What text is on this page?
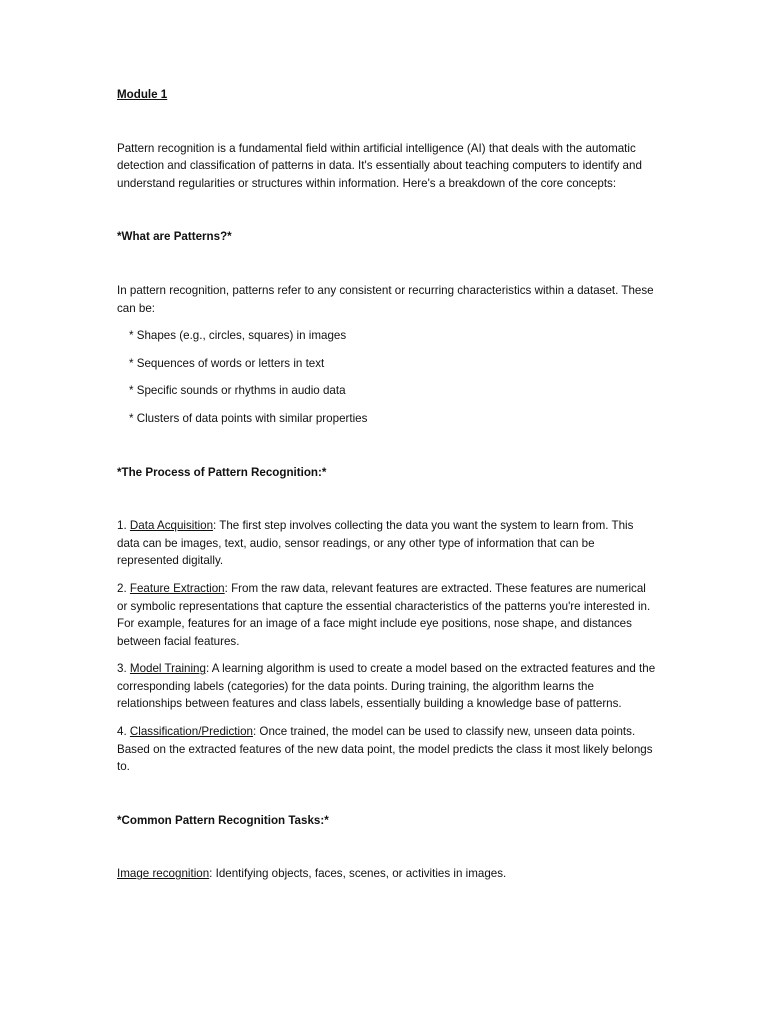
Module 1

Pattern recognition is a fundamental field within artificial intelligence (AI) that deals with the automatic detection and classification of patterns in data. It's essentially about teaching computers to identify and understand regularities or structures within information. Here's a breakdown of the core concepts:

*What are Patterns?*

In pattern recognition, patterns refer to any consistent or recurring characteristics within a dataset. These can be:

* Shapes (e.g., circles, squares) in images
* Sequences of words or letters in text
* Specific sounds or rhythms in audio data
* Clusters of data points with similar properties

*The Process of Pattern Recognition:*

1. Data Acquisition: The first step involves collecting the data you want the system to learn from. This data can be images, text, audio, sensor readings, or any other type of information that can be represented digitally.

2. Feature Extraction: From the raw data, relevant features are extracted. These features are numerical or symbolic representations that capture the essential characteristics of the patterns you're interested in. For example, features for an image of a face might include eye positions, nose shape, and distances between facial features.

3. Model Training: A learning algorithm is used to create a model based on the extracted features and the corresponding labels (categories) for the data points. During training, the algorithm learns the relationships between features and class labels, essentially building a knowledge base of patterns.

4. Classification/Prediction: Once trained, the model can be used to classify new, unseen data points. Based on the extracted features of the new data point, the model predicts the class it most likely belongs to.

*Common Pattern Recognition Tasks:*

Image recognition: Identifying objects, faces, scenes, or activities in images.
